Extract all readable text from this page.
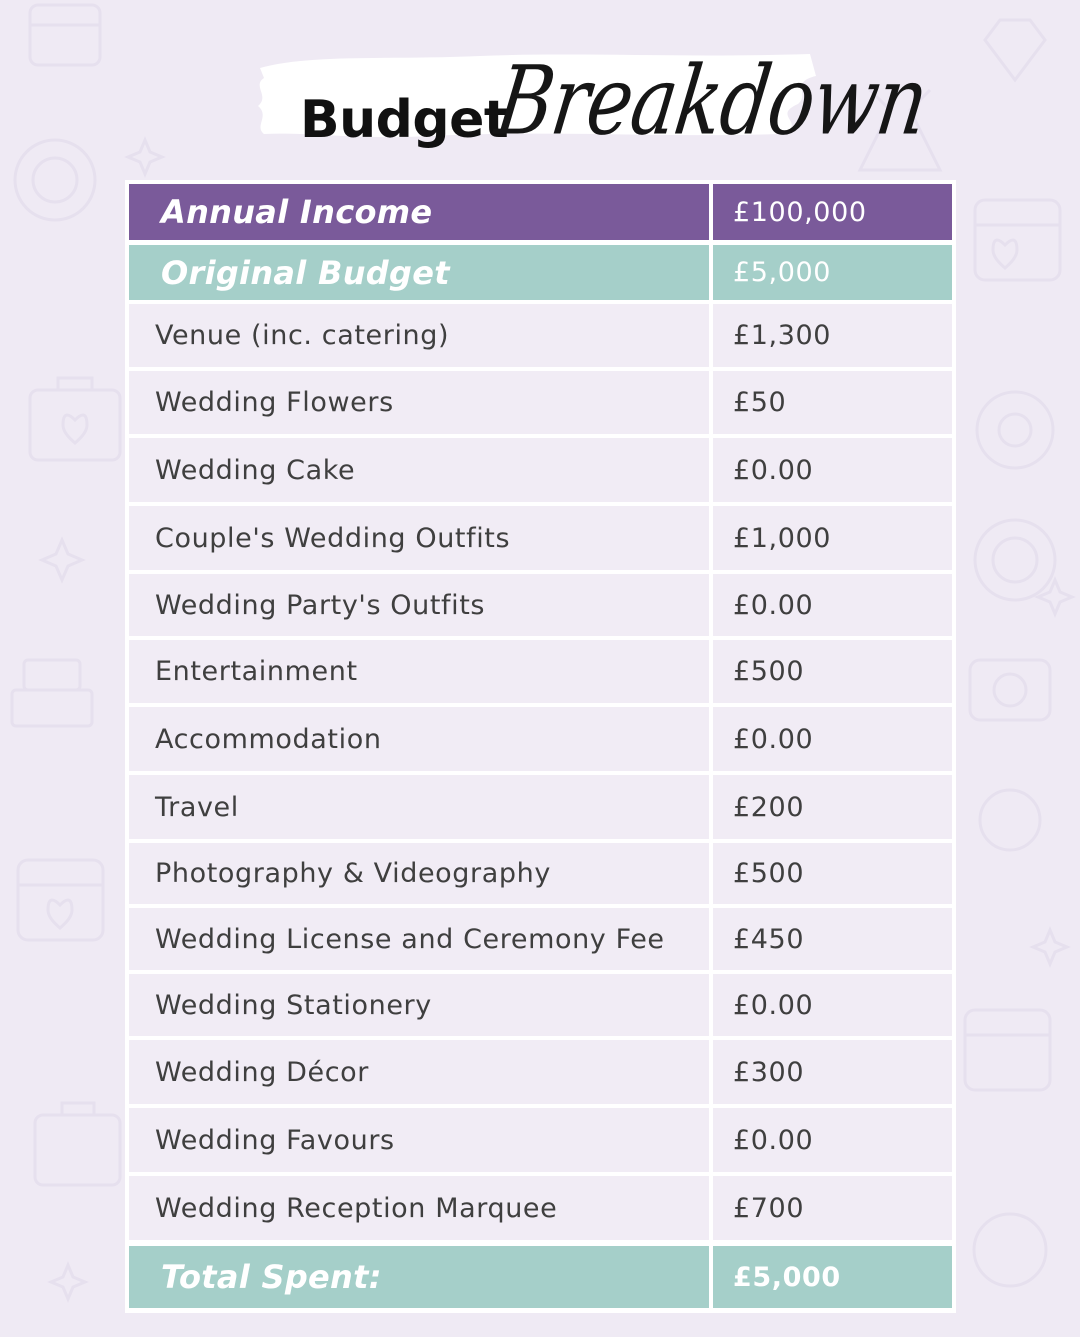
Budget
Breakdown
Annual Income	£100,000
Original Budget	£5,000
Venue (inc. catering)	£1,300
Wedding Flowers	£50
Wedding Cake	£0.00
Couple's Wedding Outfits	£1,000
Wedding Party's Outfits	£0.00
Entertainment	£500
Accommodation	£0.00
Travel	£200
Photography & Videography	£500
Wedding License and Ceremony Fee	£450
Wedding Stationery	£0.00
Wedding Décor	£300
Wedding Favours	£0.00
Wedding Reception Marquee	£700
Total Spent:	£5,000
